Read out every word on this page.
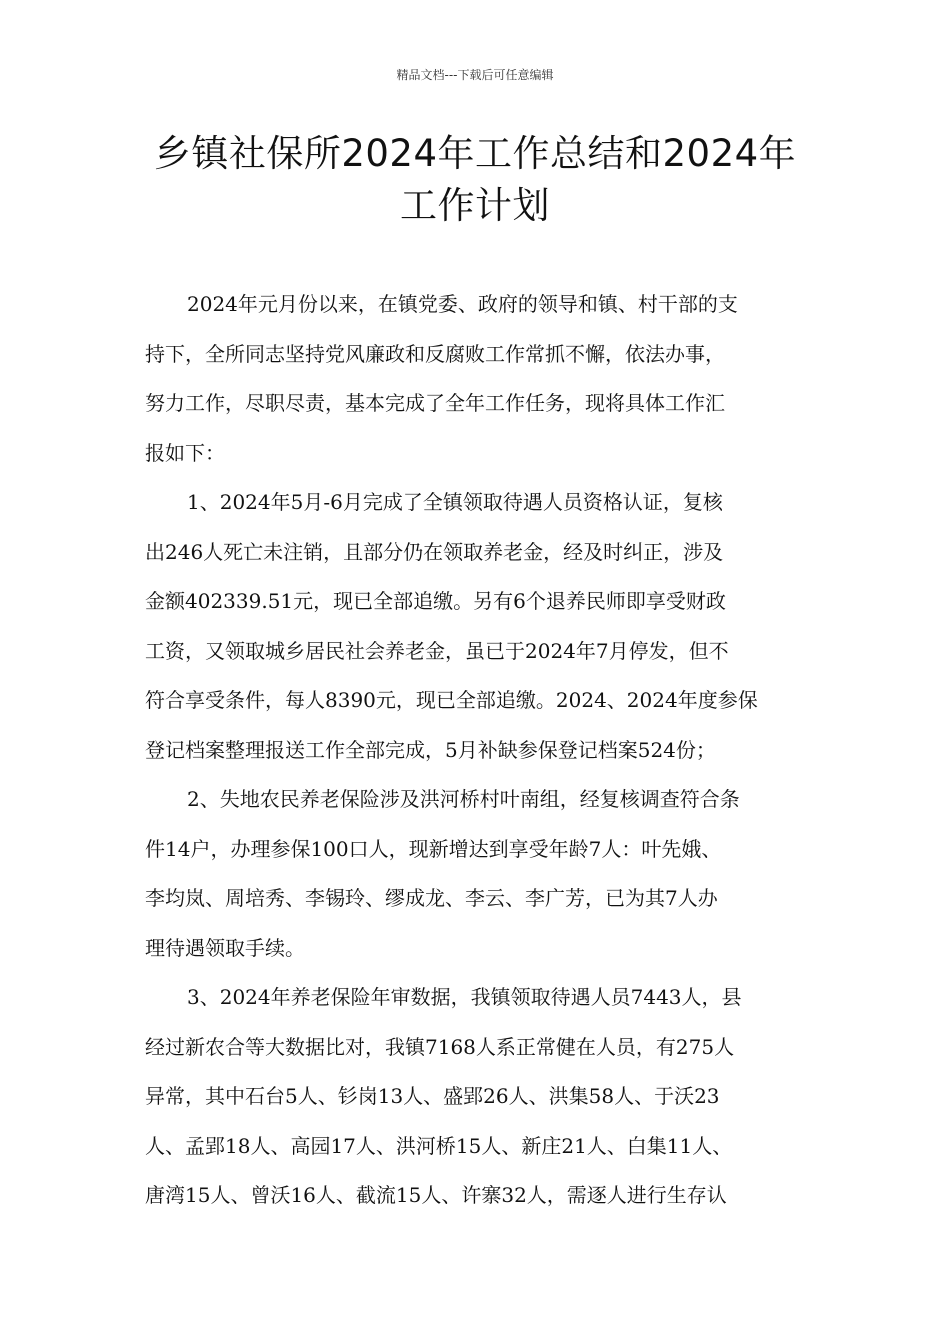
精品文档---下载后可任意编辑
乡镇社保所2024年工作总结和2024年
工作计划

2024年元月份以来，在镇党委、政府的领导和镇、村干部的支
持下，全所同志坚持党风廉政和反腐败工作常抓不懈，依法办事，
努力工作，尽职尽责，基本完成了全年工作任务，现将具体工作汇
报如下：

1、2024年5月-6月完成了全镇领取待遇人员资格认证，复核
出246人死亡未注销，且部分仍在领取养老金，经及时纠正，涉及
金额402339.51元，现已全部追缴。另有6个退养民师即享受财政
工资，又领取城乡居民社会养老金，虽已于2024年7月停发，但不
符合享受条件，每人8390元，现已全部追缴。2024、2024年度参保
登记档案整理报送工作全部完成，5月补缺参保登记档案524份；

2、失地农民养老保险涉及洪河桥村叶南组，经复核调查符合条
件14户，办理参保100口人，现新增达到享受年龄7人：叶先娥、
李均岚、周培秀、李锡玲、缪成龙、李云、李广芳，已为其7人办
理待遇领取手续。

3、2024年养老保险年审数据，我镇领取待遇人员7443人，县
经过新农合等大数据比对，我镇7168人系正常健在人员，有275人
异常，其中石台5人、钐岗13人、盛郢26人、洪集58人、于沃23
人、孟郢18人、高园17人、洪河桥15人、新庄21人、白集11人、
唐湾15人、曾沃16人、截流15人、许寨32人，需逐人进行生存认
